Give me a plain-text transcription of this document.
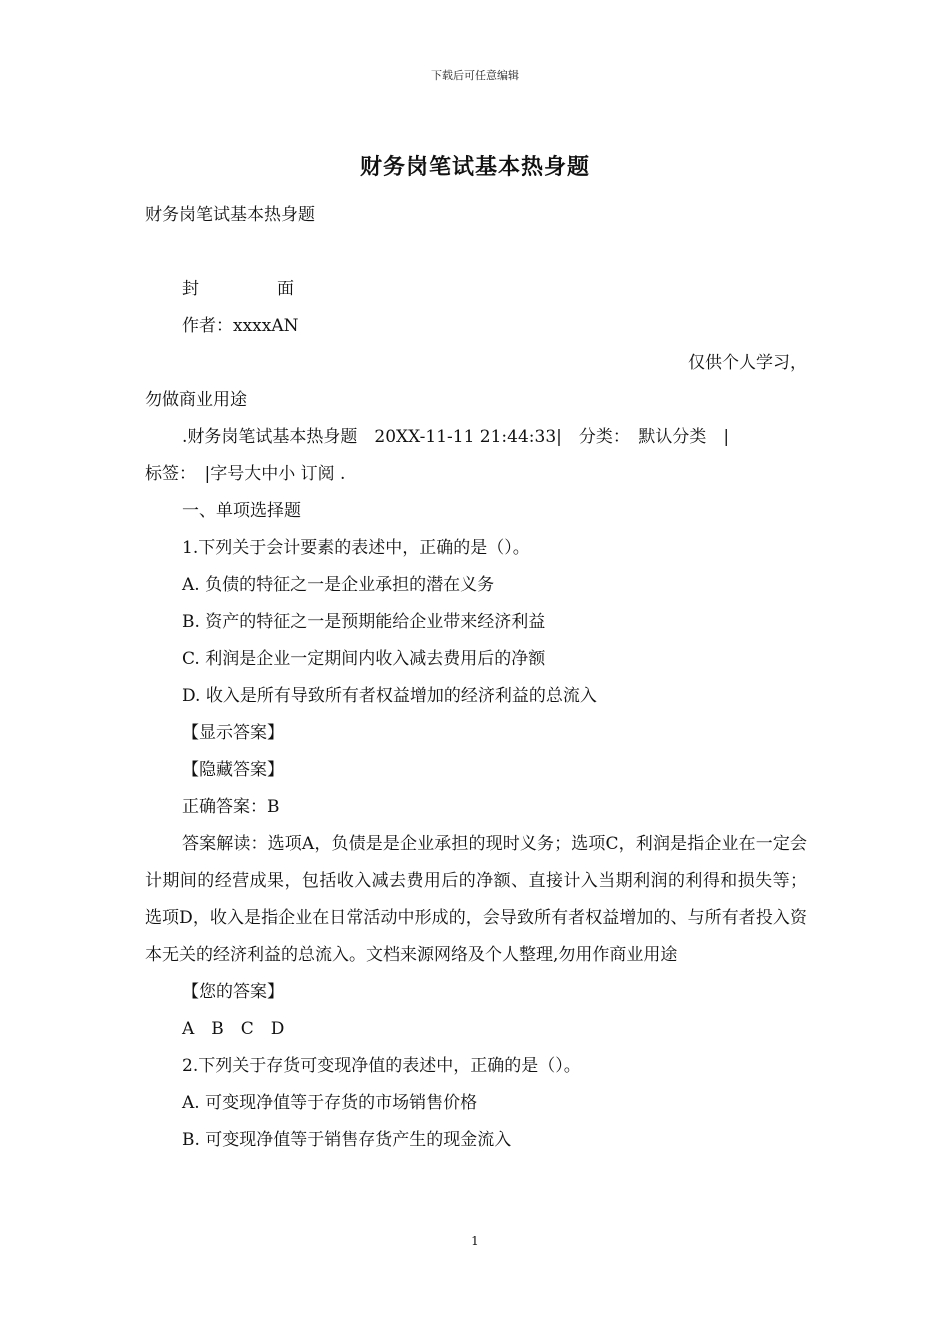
下载后可任意编辑
财务岗笔试基本热身题
财务岗笔试基本热身题
封	面
作者：xxxxAN
仅供个人学习，
勿做商业用途
.财务岗笔试基本热身题　20XX-11-11 21:44:33|　分类：　默认分类　|
标签：　|字号大中小 订阅 .
一、单项选择题
1.下列关于会计要素的表述中，正确的是（）。
A. 负债的特征之一是企业承担的潜在义务
B. 资产的特征之一是预期能给企业带来经济利益
C. 利润是企业一定期间内收入减去费用后的净额
D. 收入是所有导致所有者权益增加的经济利益的总流入
【显示答案】
【隐藏答案】
正确答案：B
答案解读：选项A，负债是是企业承担的现时义务；选项C，利润是指企业在一定会计期间的经营成果，包括收入减去费用后的净额、直接计入当期利润的利得和损失等；选项D，收入是指企业在日常活动中形成的，会导致所有者权益增加的、与所有者投入资本无关的经济利益的总流入。文档来源网络及个人整理,勿用作商业用途
【您的答案】
A　B　C　D
2.下列关于存货可变现净值的表述中，正确的是（）。
A. 可变现净值等于存货的市场销售价格
B. 可变现净值等于销售存货产生的现金流入
1
